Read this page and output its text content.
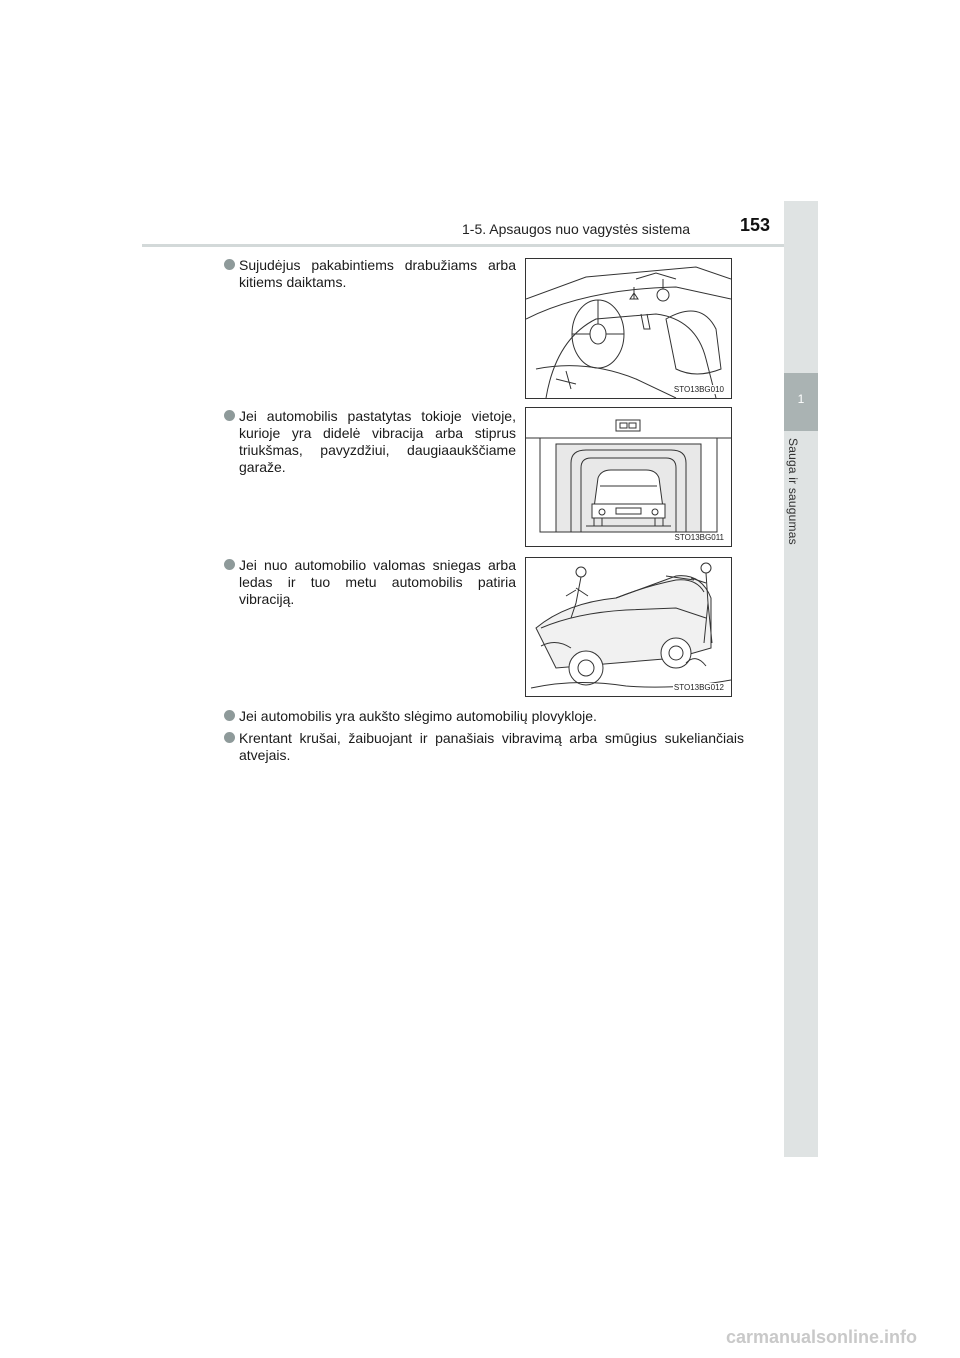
1-5. Apsaugos nuo vagystės sistema	153
1
Sauga ir saugumas
Sujudėjus pakabintiems drabužiams arba kitiems daiktams.
STO13BG010
Jei automobilis pastatytas tokioje vietoje, kurioje yra didelė vibracija arba stiprus triukšmas, pavyzdžiui, daugiaaukščiame garaže.
STO13BG011
Jei nuo automobilio valomas sniegas arba ledas ir tuo metu automobilis patiria vibraciją.
STO13BG012
Jei automobilis yra aukšto slėgimo automobilių plovykloje.
Krentant krušai, žaibuojant ir panašiais vibravimą arba smūgius sukeliančiais atvejais.
carmanualsonline.info
